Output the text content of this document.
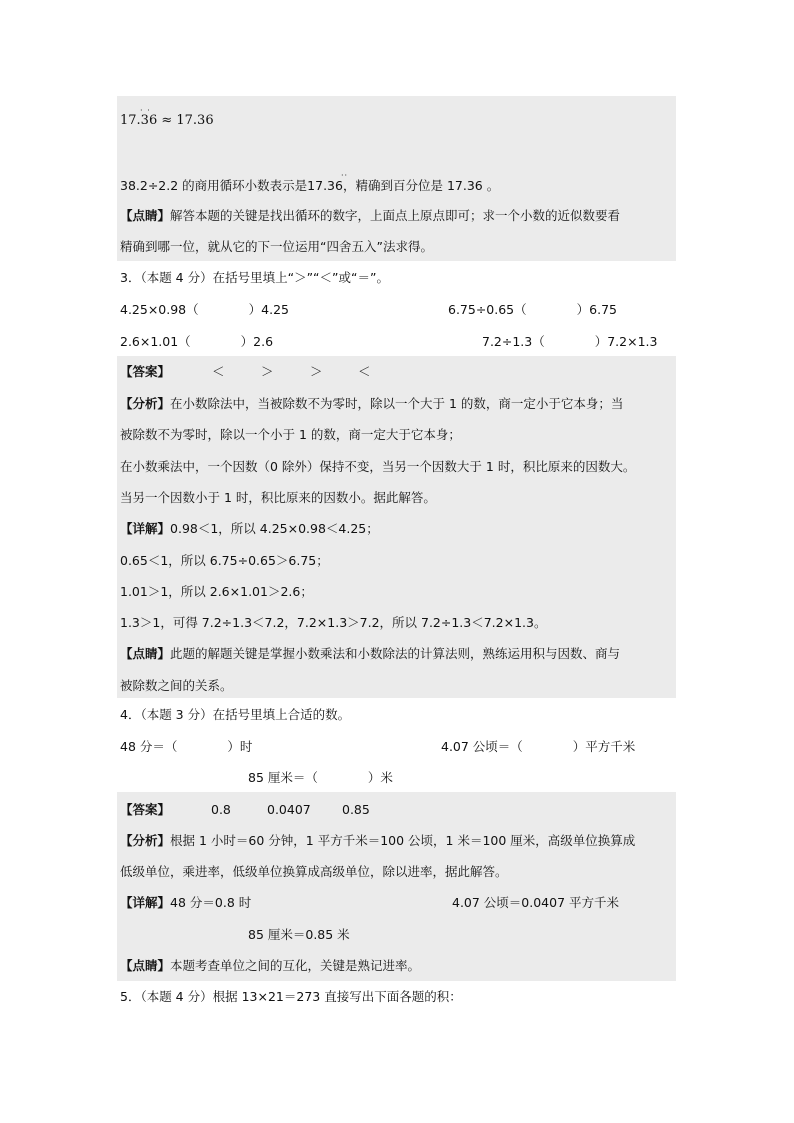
· ·
17.36 ≈ 17.36
38.2÷2.2 的商用循环小数表示是17.36，精确到百分位是 17.36 。
··
【点睛】解答本题的关键是找出循环的数字，上面点上原点即可；求一个小数的近似数要看
精确到哪一位，就从它的下一位运用“四舍五入”法求得。
3．（本题 4 分）在括号里填上“＞”“＜”或“＝”。
4.25×0.98（　　　　）4.25	6.75÷0.65（　　　　）6.75
2.6×1.01（　　　　）2.6	7.2÷1.3（　　　　）7.2×1.3
【答案】	＜	＞	＞	＜
【分析】在小数除法中，当被除数不为零时，除以一个大于 1 的数，商一定小于它本身；当
被除数不为零时，除以一个小于 1 的数，商一定大于它本身；
在小数乘法中，一个因数（0 除外）保持不变，当另一个因数大于 1 时，积比原来的因数大。
当另一个因数小于 1 时，积比原来的因数小。据此解答。
【详解】0.98＜1，所以 4.25×0.98＜4.25；
0.65＜1，所以 6.75÷0.65＞6.75；
1.01＞1，所以 2.6×1.01＞2.6；
1.3＞1，可得 7.2÷1.3＜7.2，7.2×1.3＞7.2，所以 7.2÷1.3＜7.2×1.3。
【点睛】此题的解题关键是掌握小数乘法和小数除法的计算法则，熟练运用积与因数、商与
被除数之间的关系。
4．（本题 3 分）在括号里填上合适的数。
48 分＝（　　　　）时	4.07 公顷＝（　　　　）平方千米
85 厘米＝（　　　　）米
【答案】	0.8	0.0407	0.85
【分析】根据 1 小时＝60 分钟，1 平方千米＝100 公顷，1 米＝100 厘米，高级单位换算成
低级单位，乘进率，低级单位换算成高级单位，除以进率，据此解答。
【详解】48 分＝0.8 时	4.07 公顷＝0.0407 平方千米
85 厘米＝0.85 米
【点睛】本题考查单位之间的互化，关键是熟记进率。
5．（本题 4 分）根据 13×21＝273 直接写出下面各题的积：
